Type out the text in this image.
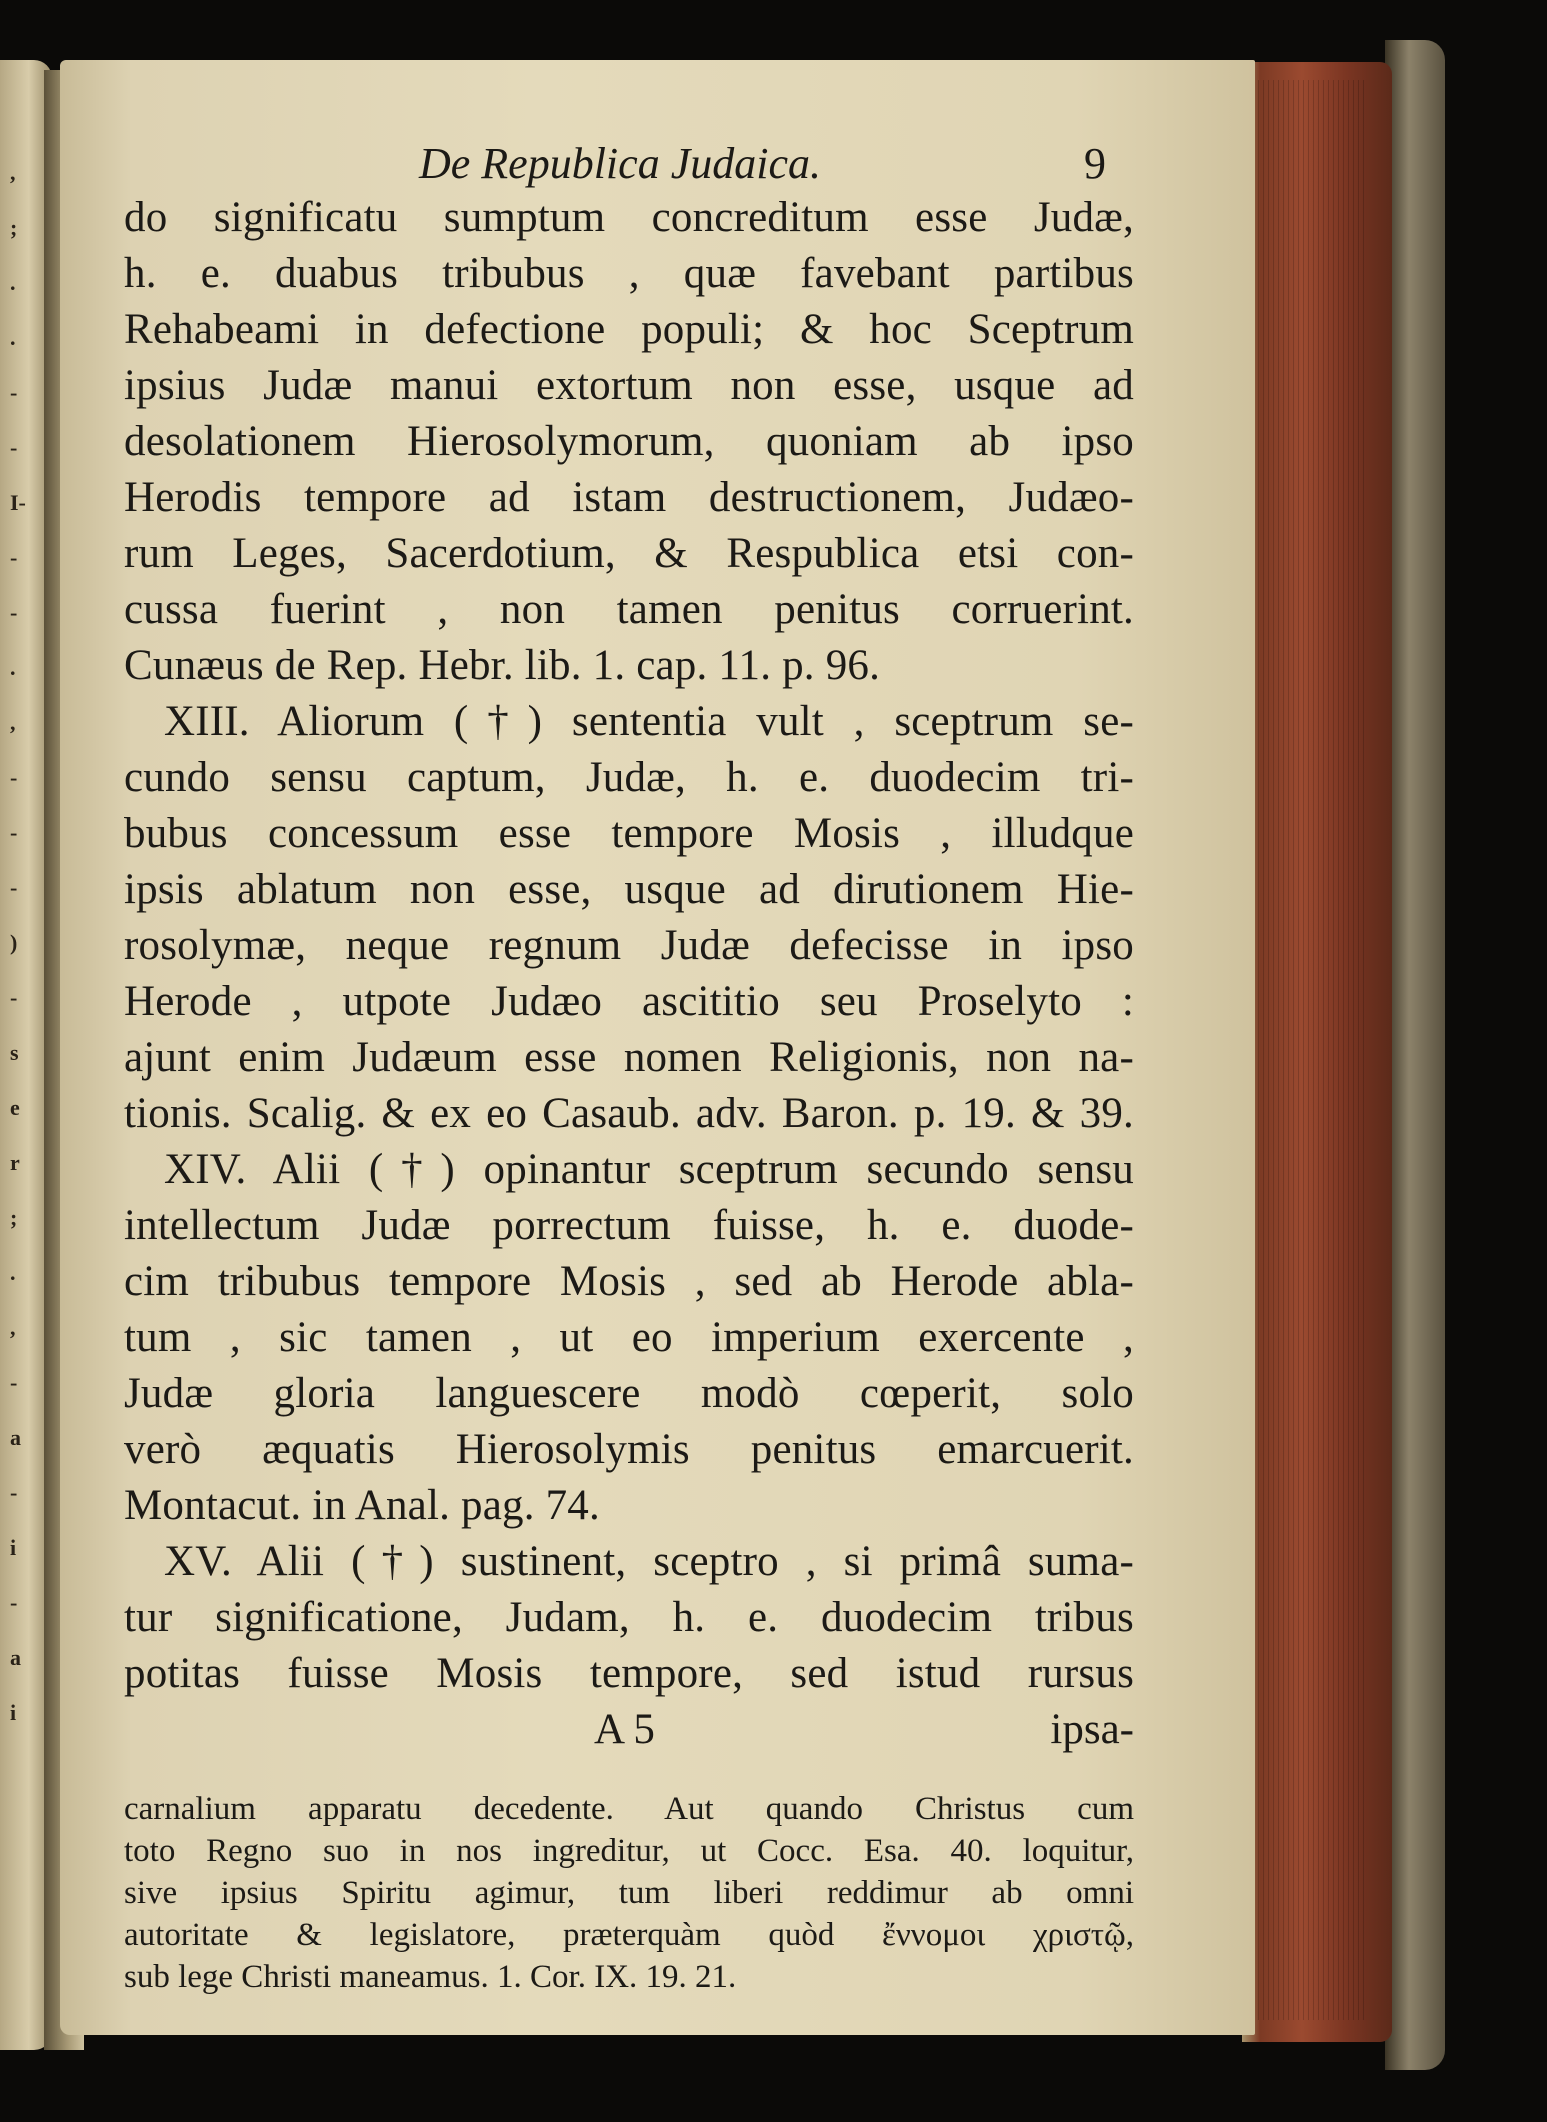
,
;
.
.
-
-
I-
-
-
.
,
-
-
-
)
-
s
e
r
;
.
,
-
a
-
i
-
a
i
De Republica Judaica.	9
do significatu sumptum concreditum esse Judæ,
h. e. duabus tribubus , quæ favebant partibus
Rehabeami in defectione populi; & hoc Sceptrum
ipsius Judæ manui extortum non esse, usque ad
desolationem Hierosolymorum, quoniam ab ipso
Herodis tempore ad istam destructionem, Judæo-
rum Leges, Sacerdotium, & Respublica etsi con-
cussa fuerint , non tamen penitus corruerint.
Cunæus de Rep. Hebr. lib. 1. cap. 11. p. 96.
XIII. Aliorum (†) sententia vult , sceptrum se-
cundo sensu captum, Judæ, h. e. duodecim tri-
bubus concessum esse tempore Mosis , illudque
ipsis ablatum non esse, usque ad dirutionem Hie-
rosolymæ, neque regnum Judæ defecisse in ipso
Herode , utpote Judæo ascititio seu Proselyto :
ajunt enim Judæum esse nomen Religionis, non na-
tionis. Scalig. & ex eo Casaub. adv. Baron. p. 19. & 39.
XIV. Alii (†) opinantur sceptrum secundo sensu
intellectum Judæ porrectum fuisse, h. e. duode-
cim tribubus tempore Mosis , sed ab Herode abla-
tum , sic tamen , ut eo imperium exercente ,
Judæ gloria languescere modò cœperit, solo
verò æquatis Hierosolymis penitus emarcuerit.
Montacut. in Anal. pag. 74.
XV. Alii (†) sustinent, sceptro , si primâ suma-
tur significatione, Judam, h. e. duodecim tribus
potitas fuisse Mosis tempore, sed istud rursus
A 5	ipsa-
carnalium apparatu decedente. Aut quando Christus cum
toto Regno suo in nos ingreditur, ut Cocc. Esa. 40. loquitur,
sive ipsius Spiritu agimur, tum liberi reddimur ab omni
autoritate & legislatore, præterquàm quòd ἔννομοι χριστῷ,
sub lege Christi maneamus. 1. Cor. IX. 19. 21.
